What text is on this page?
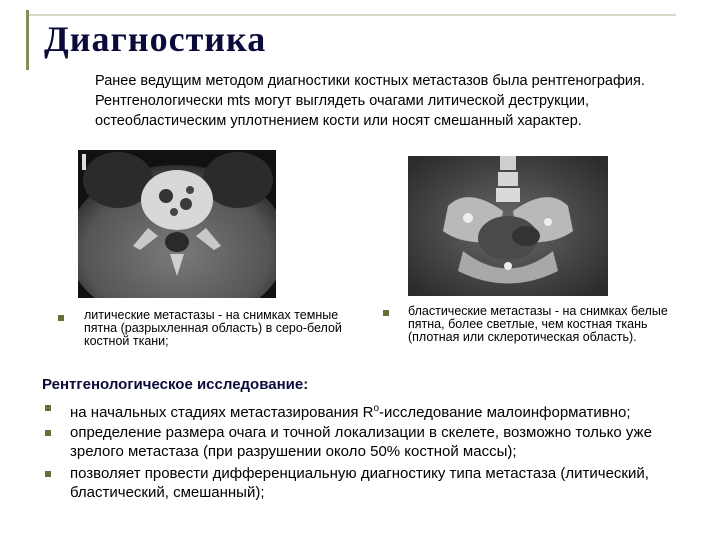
Диагностика
Ранее ведущим методом диагностики костных метастазов была рентгенография. Рентгенологически mts могут выглядеть очагами литической деструкции, остеобластическим уплотнением кости или носят смешанный характер.
литические метастазы - на снимках темные пятна (разрыхленная область) в серо-белой костной ткани;
бластические метастазы - на снимках белые пятна, более светлые, чем костная ткань (плотная или склеротическая область).
Рентгенологическое исследование:
на начальных стадиях метастазирования $R^о$-исследование малоинформативно;
определение размера очага и точной локализации в скелете, возможно только уже зрелого метастаза (при разрушении около 50% костной массы);
позволяет провести дифференциальную диагностику типа метастаза (литический, бластический, смешанный);
